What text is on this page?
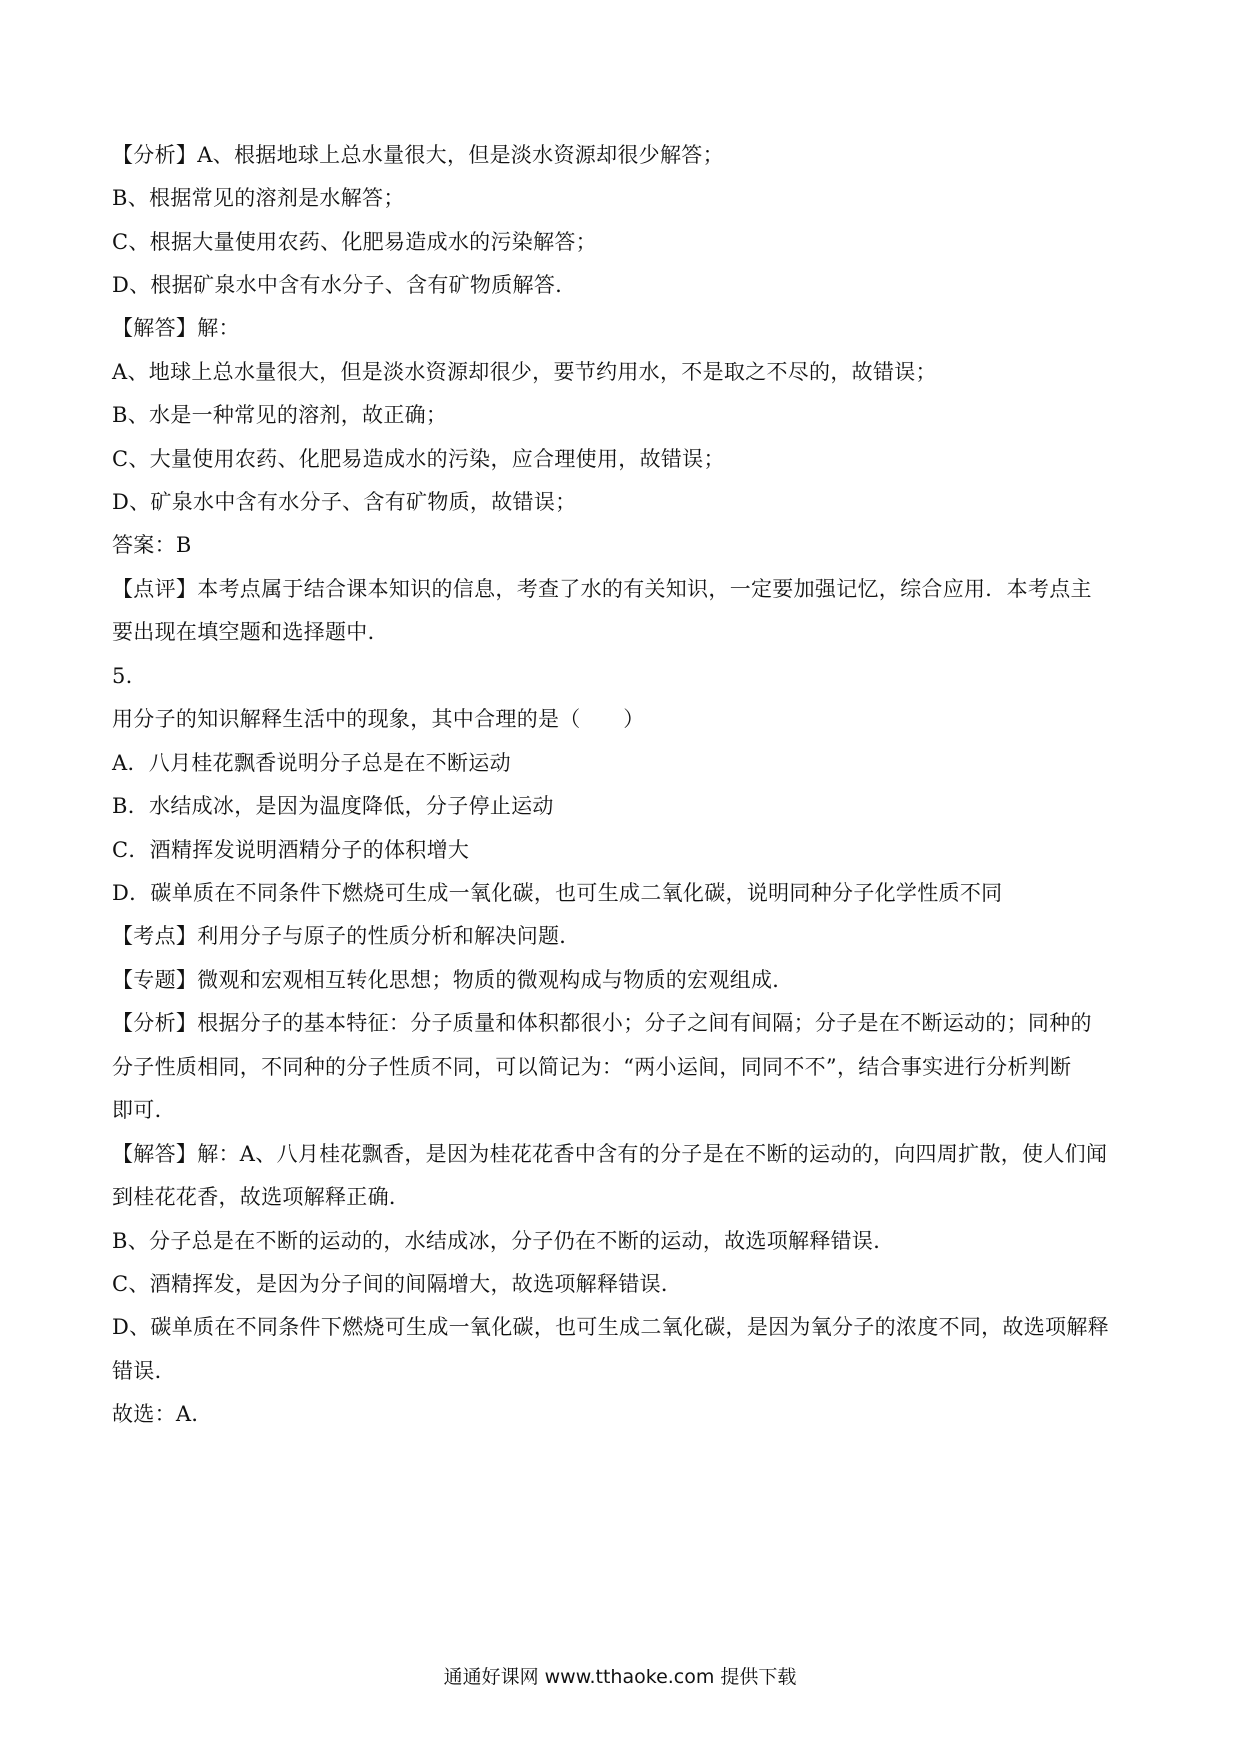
【分析】A、根据地球上总水量很大，但是淡水资源却很少解答；
B、根据常见的溶剂是水解答；
C、根据大量使用农药、化肥易造成水的污染解答；
D、根据矿泉水中含有水分子、含有矿物质解答.
【解答】解：
A、地球上总水量很大，但是淡水资源却很少，要节约用水，不是取之不尽的，故错误；
B、水是一种常见的溶剂，故正确；
C、大量使用农药、化肥易造成水的污染，应合理使用，故错误；
D、矿泉水中含有水分子、含有矿物质，故错误；
答案：B
【点评】本考点属于结合课本知识的信息，考查了水的有关知识，一定要加强记忆，综合应用．本考点主
要出现在填空题和选择题中．
5.
用分子的知识解释生活中的现象，其中合理的是（　　）
A．八月桂花飘香说明分子总是在不断运动
B．水结成冰，是因为温度降低，分子停止运动
C．酒精挥发说明酒精分子的体积增大
D．碳单质在不同条件下燃烧可生成一氧化碳，也可生成二氧化碳，说明同种分子化学性质不同
【考点】利用分子与原子的性质分析和解决问题．
【专题】微观和宏观相互转化思想；物质的微观构成与物质的宏观组成．
【分析】根据分子的基本特征：分子质量和体积都很小；分子之间有间隔；分子是在不断运动的；同种的
分子性质相同，不同种的分子性质不同，可以简记为：“两小运间，同同不不”，结合事实进行分析判断
即可．
【解答】解：A、八月桂花飘香，是因为桂花花香中含有的分子是在不断的运动的，向四周扩散，使人们闻
到桂花花香，故选项解释正确．
B、分子总是在不断的运动的，水结成冰，分子仍在不断的运动，故选项解释错误．
C、酒精挥发，是因为分子间的间隔增大，故选项解释错误．
D、碳单质在不同条件下燃烧可生成一氧化碳，也可生成二氧化碳，是因为氧分子的浓度不同，故选项解释
错误．
故选：A．
通通好课网 www.tthaoke.com 提供下载
